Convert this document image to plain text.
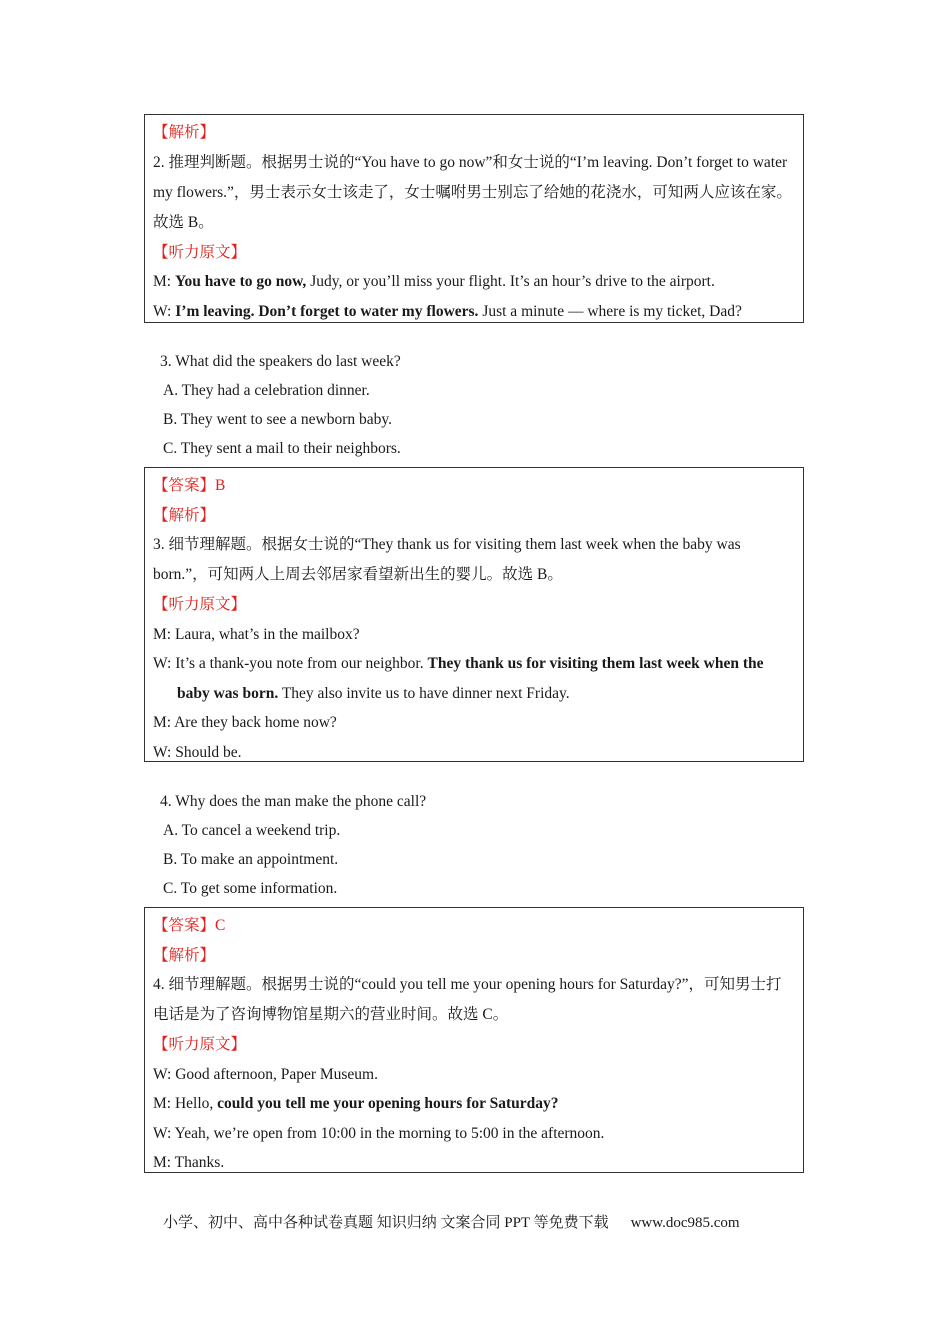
【解析】
2. 推理判断题。根据男士说的“You have to go now”和女士说的“I’m leaving. Don’t forget to water my flowers.”，男士表示女士该走了，女士嘱咐男士别忘了给她的花浇水，可知两人应该在家。故选 B。
【听力原文】
M: You have to go now, Judy, or you’ll miss your flight. It’s an hour’s drive to the airport.
W: I’m leaving. Don’t forget to water my flowers. Just a minute — where is my ticket, Dad?
3. What did the speakers do last week?
A. They had a celebration dinner.
B. They went to see a newborn baby.
C. They sent a mail to their neighbors.
【答案】B
【解析】
3. 细节理解题。根据女士说的“They thank us for visiting them last week when the baby was born.”，可知两人上周去邻居家看望新出生的婴儿。故选 B。
【听力原文】
M: Laura, what’s in the mailbox?
W: It’s a thank-you note from our neighbor. They thank us for visiting them last week when the
baby was born. They also invite us to have dinner next Friday.
M: Are they back home now?
W: Should be.
4. Why does the man make the phone call?
A. To cancel a weekend trip.
B. To make an appointment.
C. To get some information.
【答案】C
【解析】
4. 细节理解题。根据男士说的“could you tell me your opening hours for Saturday?”，可知男士打电话是为了咨询博物馆星期六的营业时间。故选 C。
【听力原文】
W: Good afternoon, Paper Museum.
M: Hello, could you tell me your opening hours for Saturday?
W: Yeah, we’re open from 10:00 in the morning to 5:00 in the afternoon.
M: Thanks.
小学、初中、高中各种试卷真题 知识归纳 文案合同 PPT 等免费下载 www.doc985.com
